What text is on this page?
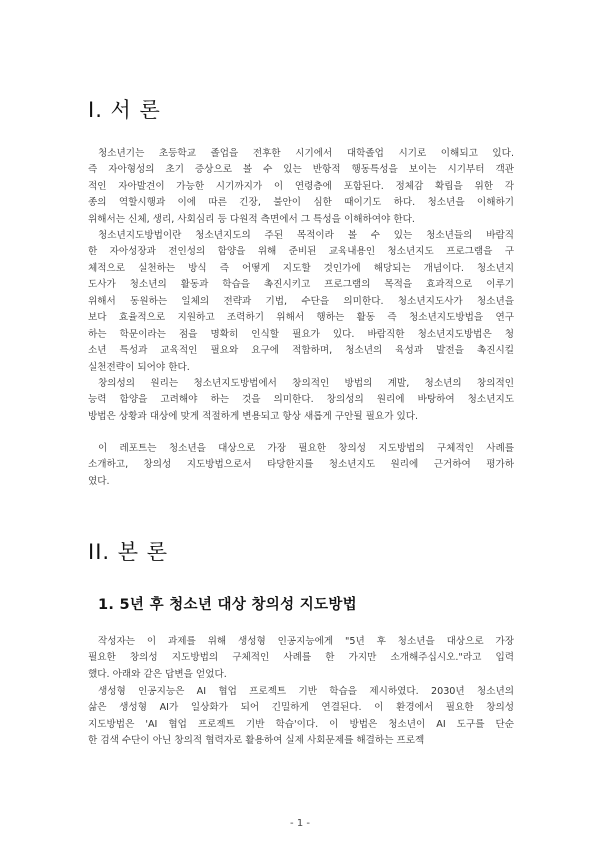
I. 서 론
청소년기는 초등학교 졸업을 전후한 시기에서 대학졸업 시기로 이해되고 있다.
즉 자아형성의 초기 증상으로 볼 수 있는 반항적 행동특성을 보이는 시기부터 객관
적인 자아발견이 가능한 시기까지가 이 연령층에 포함된다. 정체감 확립을 위한 각
종의 역할시행과 이에 따른 긴장, 불안이 심한 때이기도 하다. 청소년을 이해하기
위해서는 신체, 생리, 사회심리 등 다원적 측면에서 그 특성을 이해하여야 한다.
청소년지도방법이란 청소년지도의 주된 목적이라 볼 수 있는 청소년들의 바람직
한 자아성장과 전인성의 함양을 위해 준비된 교육내용인 청소년지도 프로그램을 구
체적으로 실천하는 방식 즉 어떻게 지도할 것인가에 해당되는 개념이다. 청소년지
도사가 청소년의 활동과 학습을 촉진시키고 프로그램의 목적을 효과적으로 이루기
위해서 동원하는 일체의 전략과 기법, 수단을 의미한다. 청소년지도사가 청소년을
보다 효율적으로 지원하고 조력하기 위해서 행하는 활동 즉 청소년지도방법을 연구
하는 학문이라는 점을 명확히 인식할 필요가 있다. 바람직한 청소년지도방법은 청
소년 특성과 교육적인 필요와 요구에 적합하며, 청소년의 육성과 발전을 촉진시킬
실천전략이 되어야 한다.
창의성의 원리는 청소년지도방법에서 창의적인 방법의 계발, 청소년의 창의적인
능력 함양을 고려해야 하는 것을 의미한다. 창의성의 원리에 바탕하여 청소년지도
방법은 상황과 대상에 맞게 적절하게 변용되고 항상 새롭게 구안될 필요가 있다.
이 레포트는 청소년을 대상으로 가장 필요한 창의성 지도방법의 구체적인 사례를
소개하고, 창의성 지도방법으로서 타당한지를 청소년지도 원리에 근거하여 평가하
였다.
II. 본 론
1. 5년 후 청소년 대상 창의성 지도방법
작성자는 이 과제를 위해 생성형 인공지능에게 "5년 후 청소년을 대상으로 가장
필요한 창의성 지도방법의 구체적인 사례를 한 가지만 소개해주십시오."라고 입력
했다. 아래와 같은 답변을 얻었다.
생성형 인공지능은 AI 협업 프로젝트 기반 학습을 제시하였다. 2030년 청소년의
삶은 생성형 AI가 일상화가 되어 긴밀하게 연결된다. 이 환경에서 필요한 창의성
지도방법은 'AI 협업 프로젝트 기반 학습'이다. 이 방법은 청소년이 AI 도구를 단순
한 검색 수단이 아닌 창의적 협력자로 활용하여 실제 사회문제를 해결하는 프로젝
- 1 -
